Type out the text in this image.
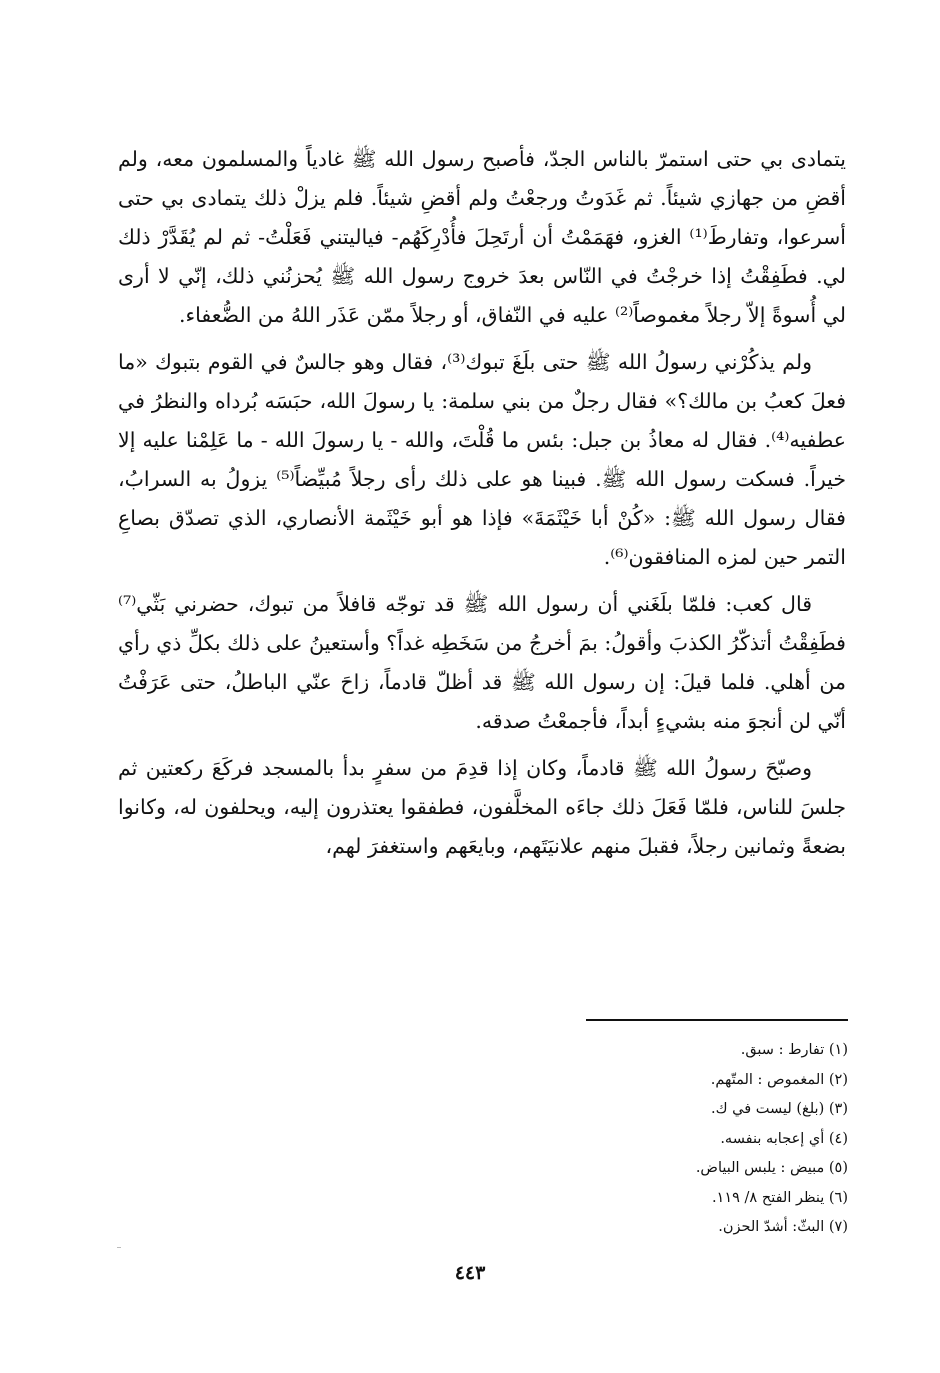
يتمادى بي حتى استمرّ بالناس الجدّ، فأصبح رسول الله ﷺ غادياً والمسلمون معه، ولم أقضِ من جهازي شيئاً. ثم غَدَوتُ ورجعْتُ ولم أقضِ شيئاً. فلم يزلْ ذلك يتمادى بي حتى أسرعوا، وتفارطَ⁽¹⁾ الغزو، فهَمَمْتُ أن أرتَحِلَ فأُدْرِكَهُم- فياليتني فَعَلْتُ- ثم لم يُقَدَّرْ ذلك لي. فطَفِقْتُ إذا خرجْتُ في النّاس بعدَ خروج رسول الله ﷺ يُحزنُني ذلك، إنّي لا أرى لي أُسوةً إلاّ رجلاً مغموصاً⁽²⁾ عليه في النّفاق، أو رجلاً ممّن عَذَر اللهُ من الضُّعفاء.

ولم يذكُرْني رسولُ الله ﷺ حتى بلَغَ تبوك⁽³⁾، فقال وهو جالسٌ في القوم بتبوك «ما فعلَ كعبُ بن مالك؟» فقال رجلٌ من بني سلمة: يا رسولَ الله، حبَسَه بُرداه والنظرُ في عطفيه⁽⁴⁾. فقال له معاذُ بن جبل: بئس ما قُلْتَ، والله - يا رسولَ الله - ما عَلِمْنا عليه إلا خيراً. فسكت رسول الله ﷺ. فبينا هو على ذلك رأى رجلاً مُبيِّضاً⁽⁵⁾ يزولُ به السرابُ، فقال رسول الله ﷺ: «كُنْ أبا خَيْثَمَةَ» فإذا هو أبو خَيْثَمة الأنصاري، الذي تصدّق بصاعِ التمر حين لمزه المنافقون⁽⁶⁾.

قال كعب: فلمّا بلَغَني أن رسول الله ﷺ قد توجّه قافلاً من تبوك، حضرني بَثّي⁽⁷⁾ فطَفِقْتُ أتذكّرُ الكذبَ وأقولُ: بمَ أخرجُ من سَخَطِه غداً؟ وأستعينُ على ذلك بكلِّ ذي رأي من أهلي. فلما قيلَ: إن رسول الله ﷺ قد أظلّ قادماً، زاحَ عنّي الباطلُ، حتى عَرَفْتُ أنّي لن أنجوَ منه بشيءٍ أبداً، فأجمعْتُ صدقه.

وصبّحَ رسولُ الله ﷺ قادماً، وكان إذا قدِمَ من سفرٍ بدأ بالمسجد فركَعَ ركعتين ثم جلسَ للناس، فلمّا فَعَلَ ذلك جاءَه المخلَّفون، فطفقوا يعتذرون إليه، ويحلفون له، وكانوا بضعةً وثمانين رجلاً، فقبلَ منهم علانيَتَهم، وبايعَهم واستغفرَ لهم،

(١) تفارط : سبق.
(٢) المغموص : المتّهم.
(٣) (بلغ) ليست في ك.
(٤) أي إعجابه بنفسه.
(٥) مبيض : يلبس البياض.
(٦) ينظر الفتح ٨/ ١١٩.
(٧) البثّ: أشدّ الحزن.
٤٤٣
